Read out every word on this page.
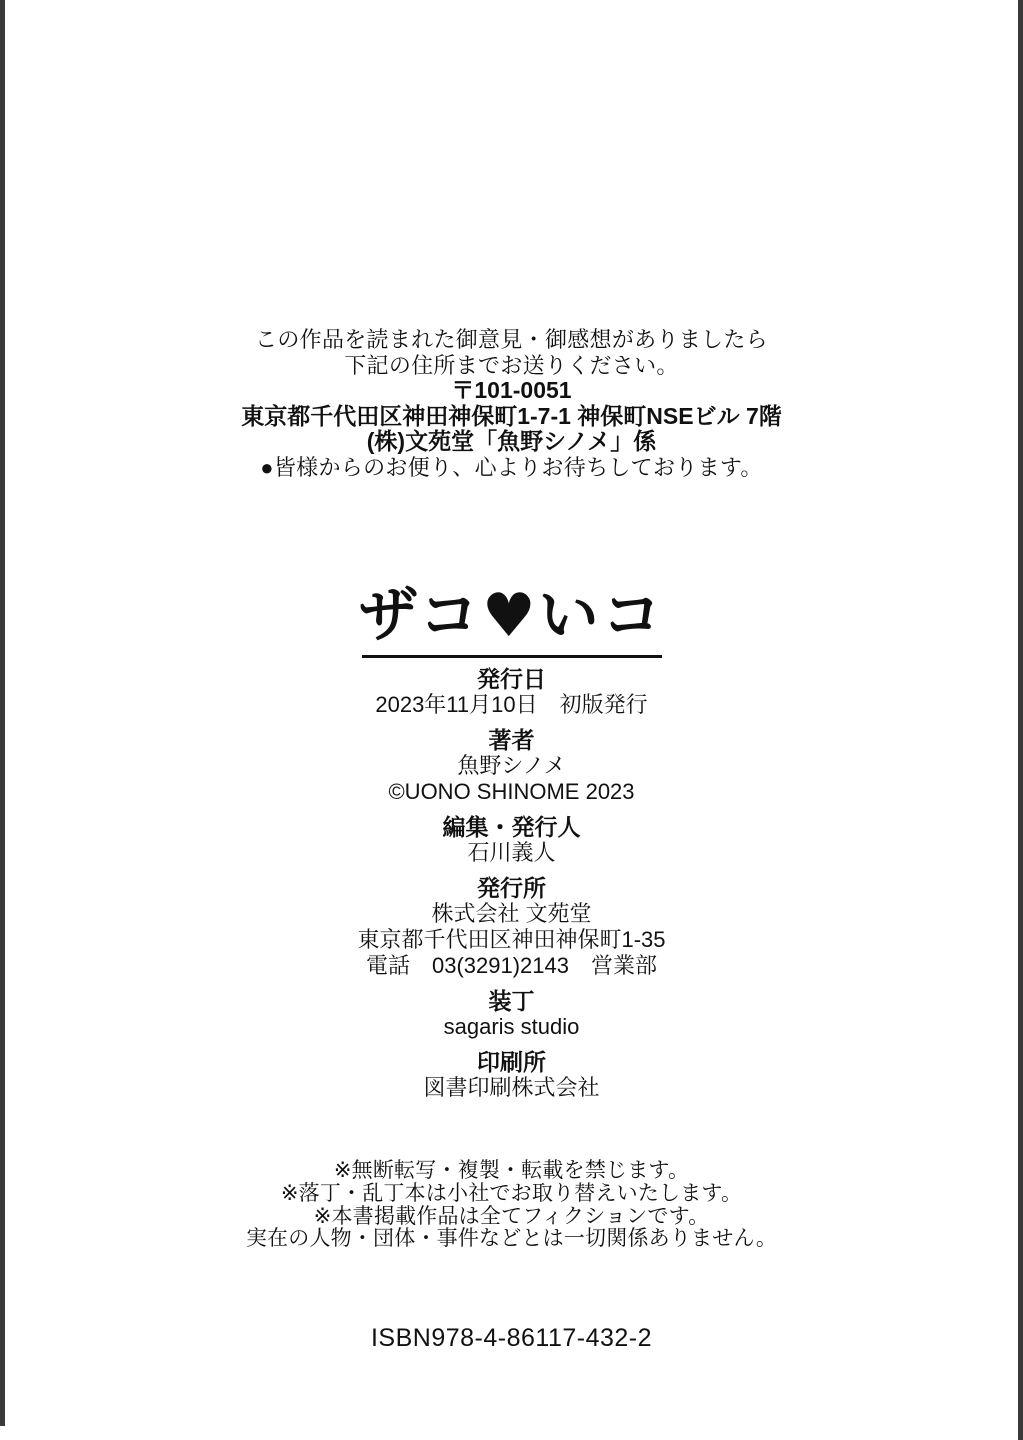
この作品を読まれた御意見・御感想がありましたら
下記の住所までお送りください。
〒101-0051
東京都千代田区神田神保町1-7-1 神保町NSEビル 7階
(株)文苑堂「魚野シノメ」係
●皆様からのお便り、心よりお待ちしております。
ザコ♥いコ
発行日
2023年11月10日　初版発行
著者
魚野シノメ
©UONO SHINOME 2023
編集・発行人
石川義人
発行所
株式会社 文苑堂
東京都千代田区神田神保町1-35
電話　03(3291)2143　営業部
装丁
sagaris studio
印刷所
図書印刷株式会社
※無断転写・複製・転載を禁じます。
※落丁・乱丁本は小社でお取り替えいたします。
※本書掲載作品は全てフィクションです。
実在の人物・団体・事件などとは一切関係ありません。
ISBN978-4-86117-432-2
